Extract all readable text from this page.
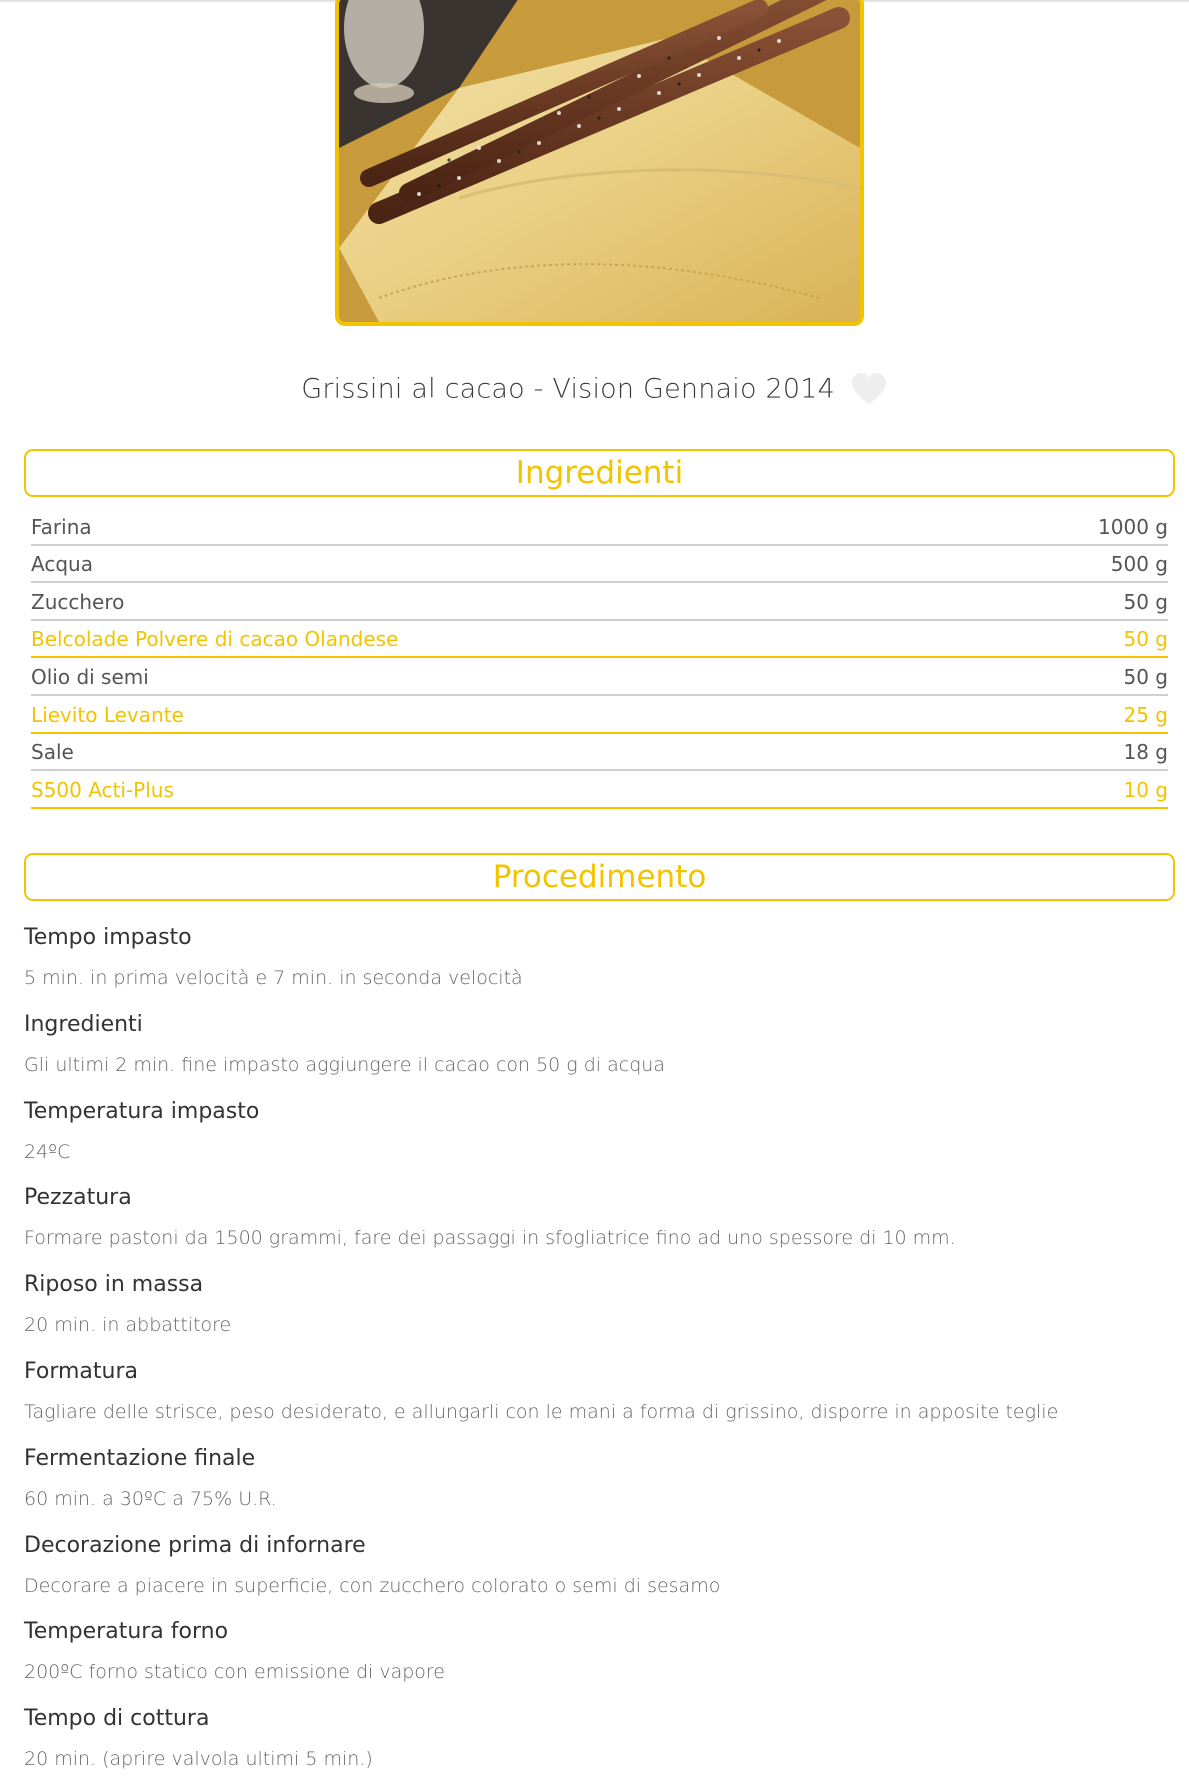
Grissini al cacao - Vision Gennaio 2014
Ingredienti
Farina	1000 g
Acqua	500 g
Zucchero	50 g
Belcolade Polvere di cacao Olandese	50 g
Olio di semi	50 g
Lievito Levante	25 g
Sale	18 g
S500 Acti-Plus	10 g
Procedimento
Tempo impasto
5 min. in prima velocità e 7 min. in seconda velocità
Ingredienti
Gli ultimi 2 min. fine impasto aggiungere il cacao con 50 g di acqua
Temperatura impasto
24ºC
Pezzatura
Formare pastoni da 1500 grammi, fare dei passaggi in sfogliatrice fino ad uno spessore di 10 mm.
Riposo in massa
20 min. in abbattitore
Formatura
Tagliare delle strisce, peso desiderato, e allungarli con le mani a forma di grissino, disporre in apposite teglie
Fermentazione finale
60 min. a 30ºC a 75% U.R.
Decorazione prima di infornare
Decorare a piacere in superficie, con zucchero colorato o semi di sesamo
Temperatura forno
200ºC forno statico con emissione di vapore
Tempo di cottura
20 min. (aprire valvola ultimi 5 min.)
